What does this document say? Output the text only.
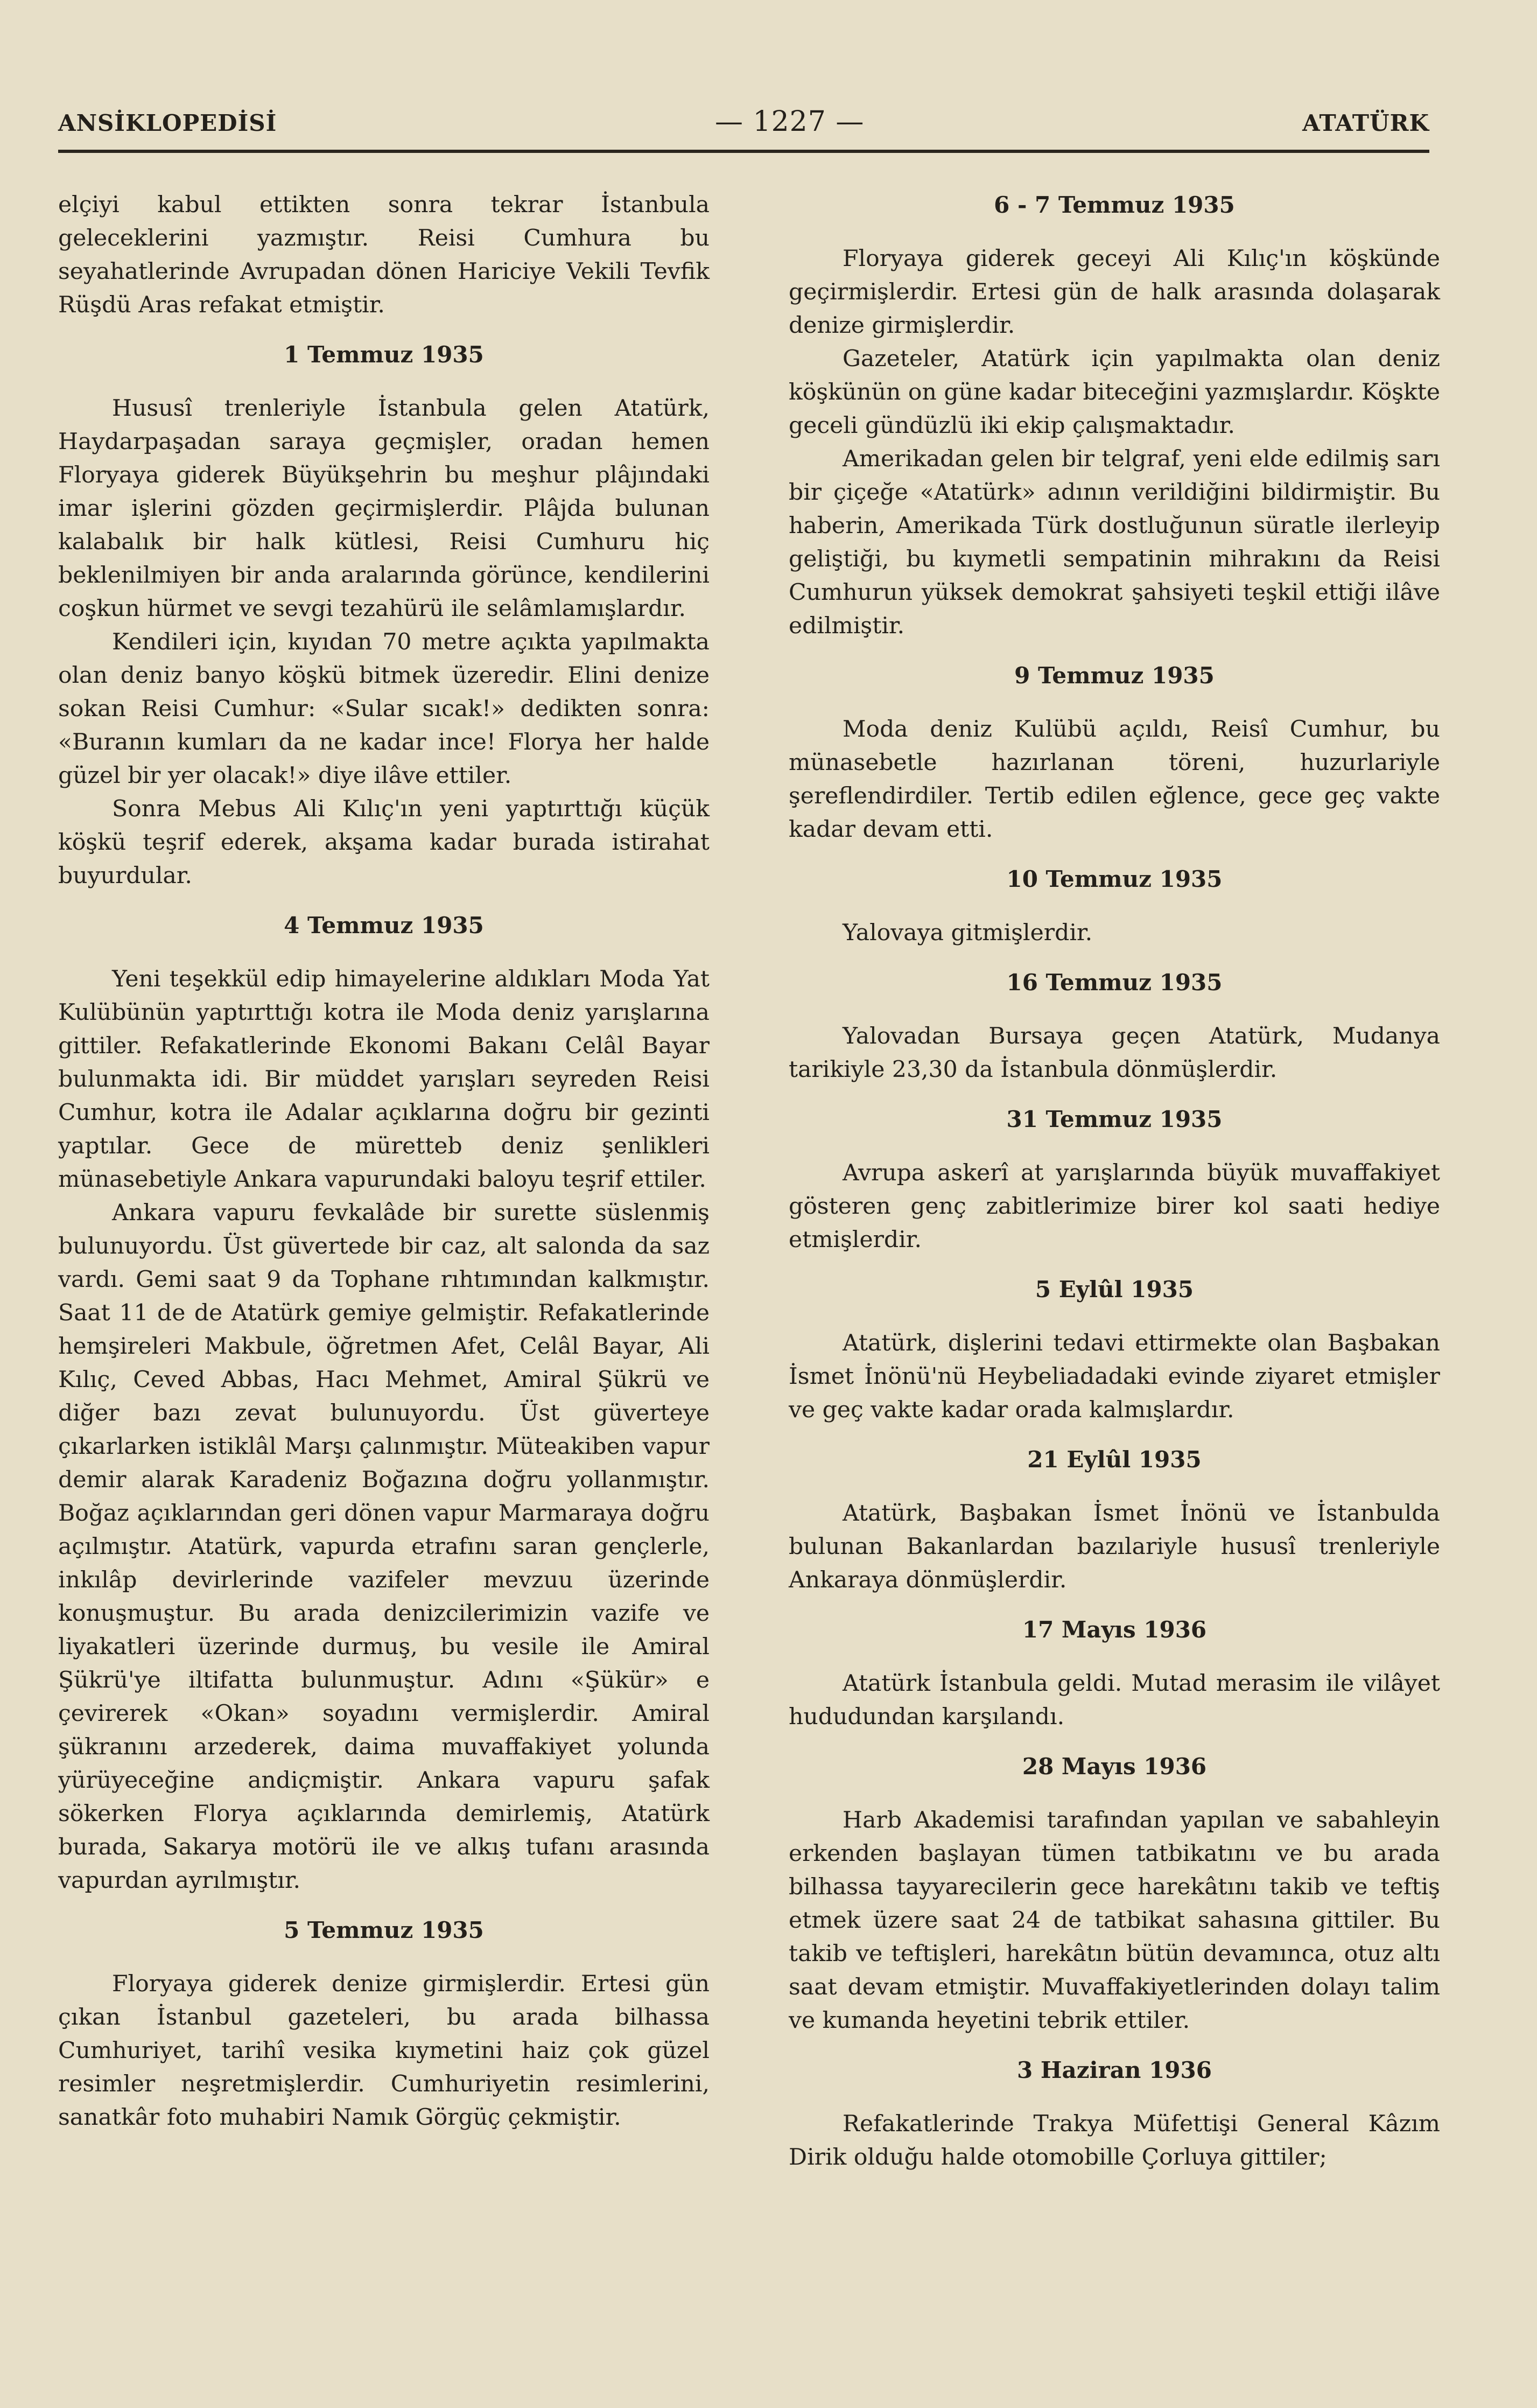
ANSİKLOPEDİSİ	— 1227 —	ATATÜRK

elçiyi kabul ettikten sonra tekrar İstanbula geleceklerini yazmıştır. Reisi Cumhura bu seyahatlerinde Avrupadan dönen Hariciye Vekili Tevfik Rüşdü Aras refakat etmiştir.

1 Temmuz 1935

Hususî trenleriyle İstanbula gelen Atatürk, Haydarpaşadan saraya geçmişler, oradan hemen Floryaya giderek Büyükşehrin bu meşhur plâjındaki imar işlerini gözden geçirmişlerdir. Plâjda bulunan kalabalık bir halk kütlesi, Reisi Cumhuru hiç beklenilmiyen bir anda aralarında görünce, kendilerini coşkun hürmet ve sevgi tezahürü ile selâmlamışlardır.

Kendileri için, kıyıdan 70 metre açıkta yapılmakta olan deniz banyo köşkü bitmek üzeredir. Elini denize sokan Reisi Cumhur: «Sular sıcak!» dedikten sonra: «Buranın kumları da ne kadar ince! Florya her halde güzel bir yer olacak!» diye ilâve ettiler.

Sonra Mebus Ali Kılıç'ın yeni yaptırttığı küçük köşkü teşrif ederek, akşama kadar burada istirahat buyurdular.

4 Temmuz 1935

Yeni teşekkül edip himayelerine aldıkları Moda Yat Kulübünün yaptırttığı kotra ile Moda deniz yarışlarına gittiler. Refakatlerinde Ekonomi Bakanı Celâl Bayar bulunmakta idi. Bir müddet yarışları seyreden Reisi Cumhur, kotra ile Adalar açıklarına doğru bir gezinti yaptılar. Gece de müretteb deniz şenlikleri münasebetiyle Ankara vapurundaki baloyu teşrif ettiler.

Ankara vapuru fevkalâde bir surette süslenmiş bulunuyordu. Üst güvertede bir caz, alt salonda da saz vardı. Gemi saat 9 da Tophane rıhtımından kalkmıştır. Saat 11 de de Atatürk gemiye gelmiştir. Refakatlerinde hemşireleri Makbule, öğretmen Afet, Celâl Bayar, Ali Kılıç, Ceved Abbas, Hacı Mehmet, Amiral Şükrü ve diğer bazı zevat bulunuyordu. Üst güverteye çıkarlarken istiklâl Marşı çalınmıştır. Müteakiben vapur demir alarak Karadeniz Boğazına doğru yollanmıştır. Boğaz açıklarından geri dönen vapur Marmaraya doğru açılmıştır. Atatürk, vapurda etrafını saran gençlerle, inkılâp devirlerinde vazifeler mevzuu üzerinde konuşmuştur. Bu arada denizcilerimizin vazife ve liyakatleri üzerinde durmuş, bu vesile ile Amiral Şükrü'ye iltifatta bulunmuştur. Adını «Şükür» e çevirerek «Okan» soyadını vermişlerdir. Amiral şükranını arzederek, daima muvaffakiyet yolunda yürüyeceğine andiçmiştir. Ankara vapuru şafak sökerken Florya açıklarında demirlemiş, Atatürk burada, Sakarya motörü ile ve alkış tufanı arasında vapurdan ayrılmıştır.

5 Temmuz 1935

Floryaya giderek denize girmişlerdir. Ertesi gün çıkan İstanbul gazeteleri, bu arada bilhassa Cumhuriyet, tarihî vesika kıymetini haiz çok güzel resimler neşretmişlerdir. Cumhuriyetin resimlerini, sanatkâr foto muhabiri Namık Görgüç çekmiştir.

6 - 7 Temmuz 1935

Floryaya giderek geceyi Ali Kılıç'ın köşkünde geçirmişlerdir. Ertesi gün de halk arasında dolaşarak denize girmişlerdir.

Gazeteler, Atatürk için yapılmakta olan deniz köşkünün on güne kadar biteceğini yazmışlardır. Köşkte geceli gündüzlü iki ekip çalışmaktadır.

Amerikadan gelen bir telgraf, yeni elde edilmiş sarı bir çiçeğe «Atatürk» adının verildiğini bildirmiştir. Bu haberin, Amerikada Türk dostluğunun süratle ilerleyip geliştiği, bu kıymetli sempatinin mihrakını da Reisi Cumhurun yüksek demokrat şahsiyeti teşkil ettiği ilâve edilmiştir.

9 Temmuz 1935

Moda deniz Kulübü açıldı, Reisî Cumhur, bu münasebetle hazırlanan töreni, huzurlariyle şereflendirdiler. Tertib edilen eğlence, gece geç vakte kadar devam etti.

10 Temmuz 1935

Yalovaya gitmişlerdir.

16 Temmuz 1935

Yalovadan Bursaya geçen Atatürk, Mudanya tarikiyle 23,30 da İstanbula dönmüşlerdir.

31 Temmuz 1935

Avrupa askerî at yarışlarında büyük muvaffakiyet gösteren genç zabitlerimize birer kol saati hediye etmişlerdir.

5 Eylûl 1935

Atatürk, dişlerini tedavi ettirmekte olan Başbakan İsmet İnönü'nü Heybeliadadaki evinde ziyaret etmişler ve geç vakte kadar orada kalmışlardır.

21 Eylûl 1935

Atatürk, Başbakan İsmet İnönü ve İstanbulda bulunan Bakanlardan bazılariyle hususî trenleriyle Ankaraya dönmüşlerdir.

17 Mayıs 1936

Atatürk İstanbula geldi. Mutad merasim ile vilâyet hududundan karşılandı.

28 Mayıs 1936

Harb Akademisi tarafından yapılan ve sabahleyin erkenden başlayan tümen tatbikatını ve bu arada bilhassa tayyarecilerin gece harekâtını takib ve teftiş etmek üzere saat 24 de tatbikat sahasına gittiler. Bu takib ve teftişleri, harekâtın bütün devamınca, otuz altı saat devam etmiştir. Muvaffakiyetlerinden dolayı talim ve kumanda heyetini tebrik ettiler.

3 Haziran 1936

Refakatlerinde Trakya Müfettişi General Kâzım Dirik olduğu halde otomobille Çorluya gittiler;
